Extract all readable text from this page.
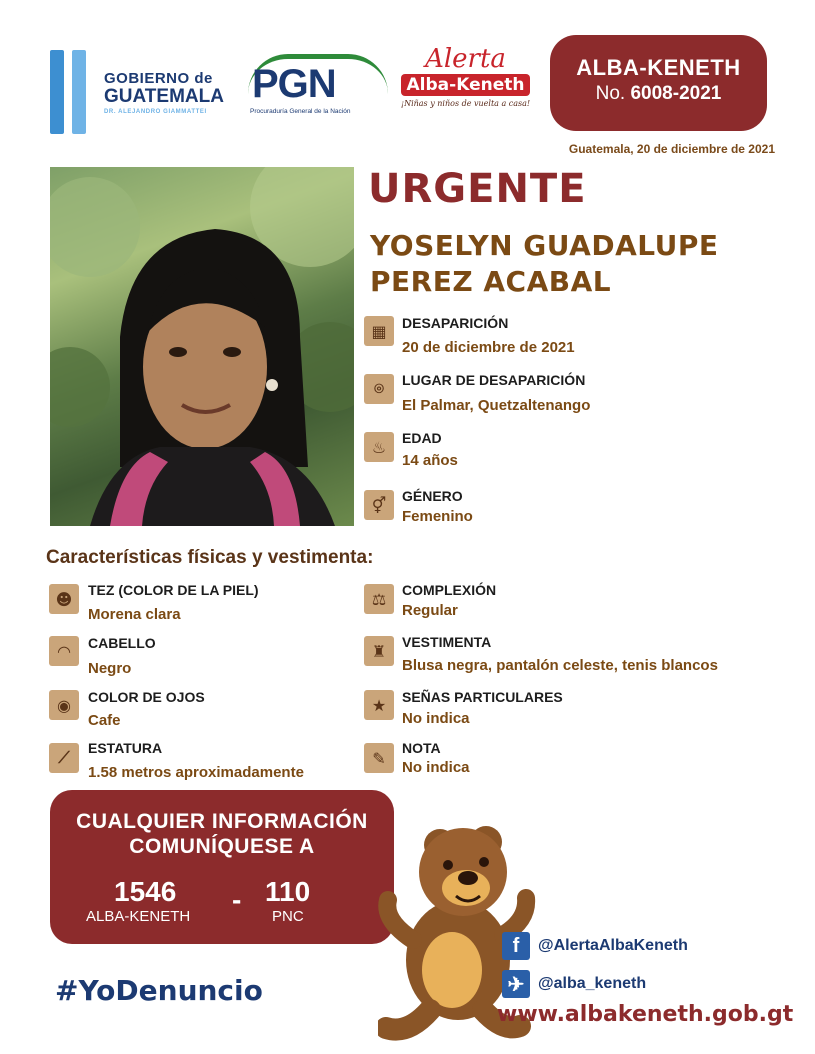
GOBIERNO de
GUATEMALA
DR. ALEJANDRO GIAMMATTEI
PGN
Procuraduría General de la Nación
Alerta
Alba-Keneth
¡Niñas y niños de vuelta a casa!
ALBA-KENETH
No. 6008-2021
Guatemala, 20 de diciembre de 2021
URGENTE
YOSELYN GUADALUPE
PEREZ ACABAL
▦	DESAPARICIÓN
20 de diciembre de 2021
⌾	LUGAR DE DESAPARICIÓN
El Palmar, Quetzaltenango
♨	EDAD
14 años
⚥	GÉNERO
Femenino
Características físicas y vestimenta:
☻	TEZ (COLOR DE LA PIEL)
Morena clara
◠	CABELLO
Negro
◉	COLOR DE OJOS
Cafe
⟋	ESTATURA
1.58 metros aproximadamente
⚖	COMPLEXIÓN
Regular
♜	VESTIMENTA
Blusa negra, pantalón celeste, tenis blancos
★	SEÑAS PARTICULARES
No indica
✎
NOTA
No indica
CUALQUIER INFORMACIÓN
COMUNÍQUESE A
1546
ALBA-KENETH
- 110
PNC
f	@AlertaAlbaKeneth
✈ @alba_keneth
www.albakeneth.gob.gt
#YoDenuncio
